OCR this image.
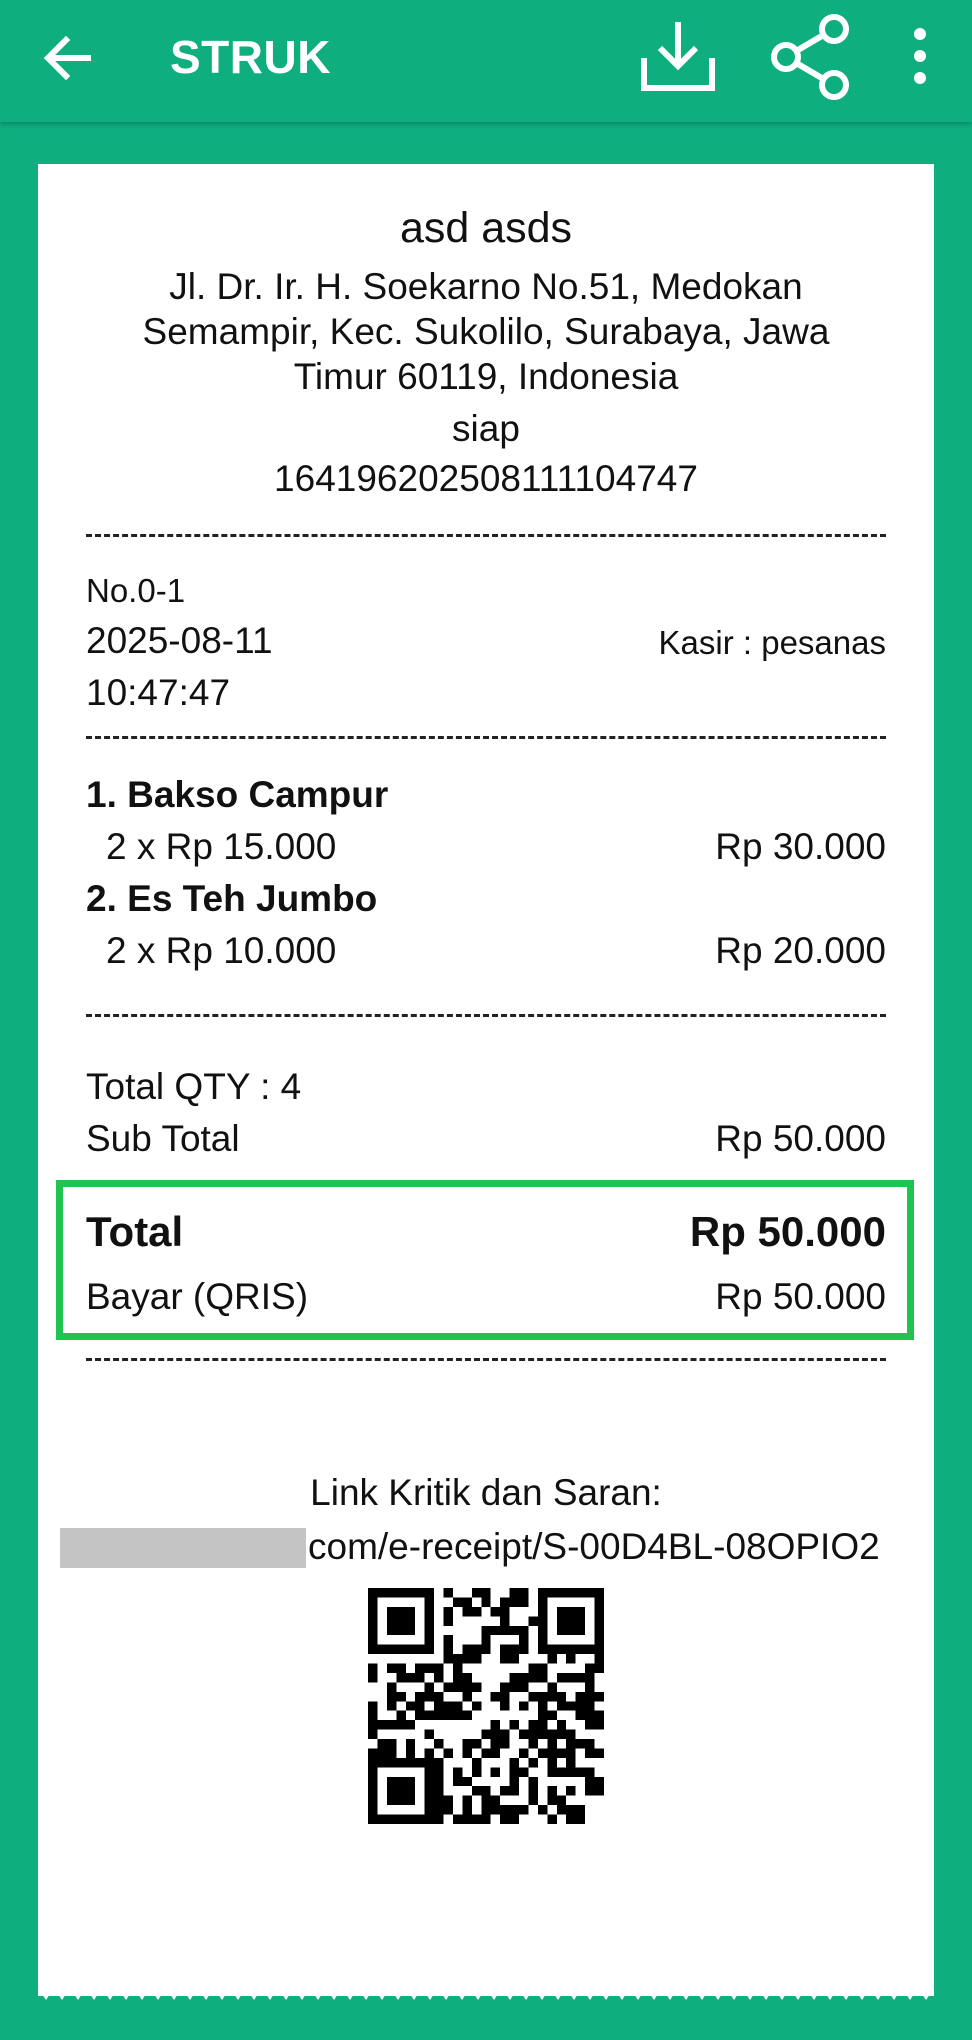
STRUK
asd asds
Jl. Dr. Ir. H. Soekarno No.51, Medokan Semampir, Kec. Sukolilo, Surabaya, Jawa Timur 60119, Indonesia
siap
164196202508111104747
No.0-1
2025-08-11	Kasir : pesanas
10:47:47
1. Bakso Campur
2 x Rp 15.000	Rp 30.000
2. Es Teh Jumbo
2 x Rp 10.000	Rp 20.000
Total QTY : 4
Sub Total	Rp 50.000
Total	Rp 50.000
Bayar (QRIS)	Rp 50.000
Link Kritik dan Saran:
com/e-receipt/S-00D4BL-08OPIO2
